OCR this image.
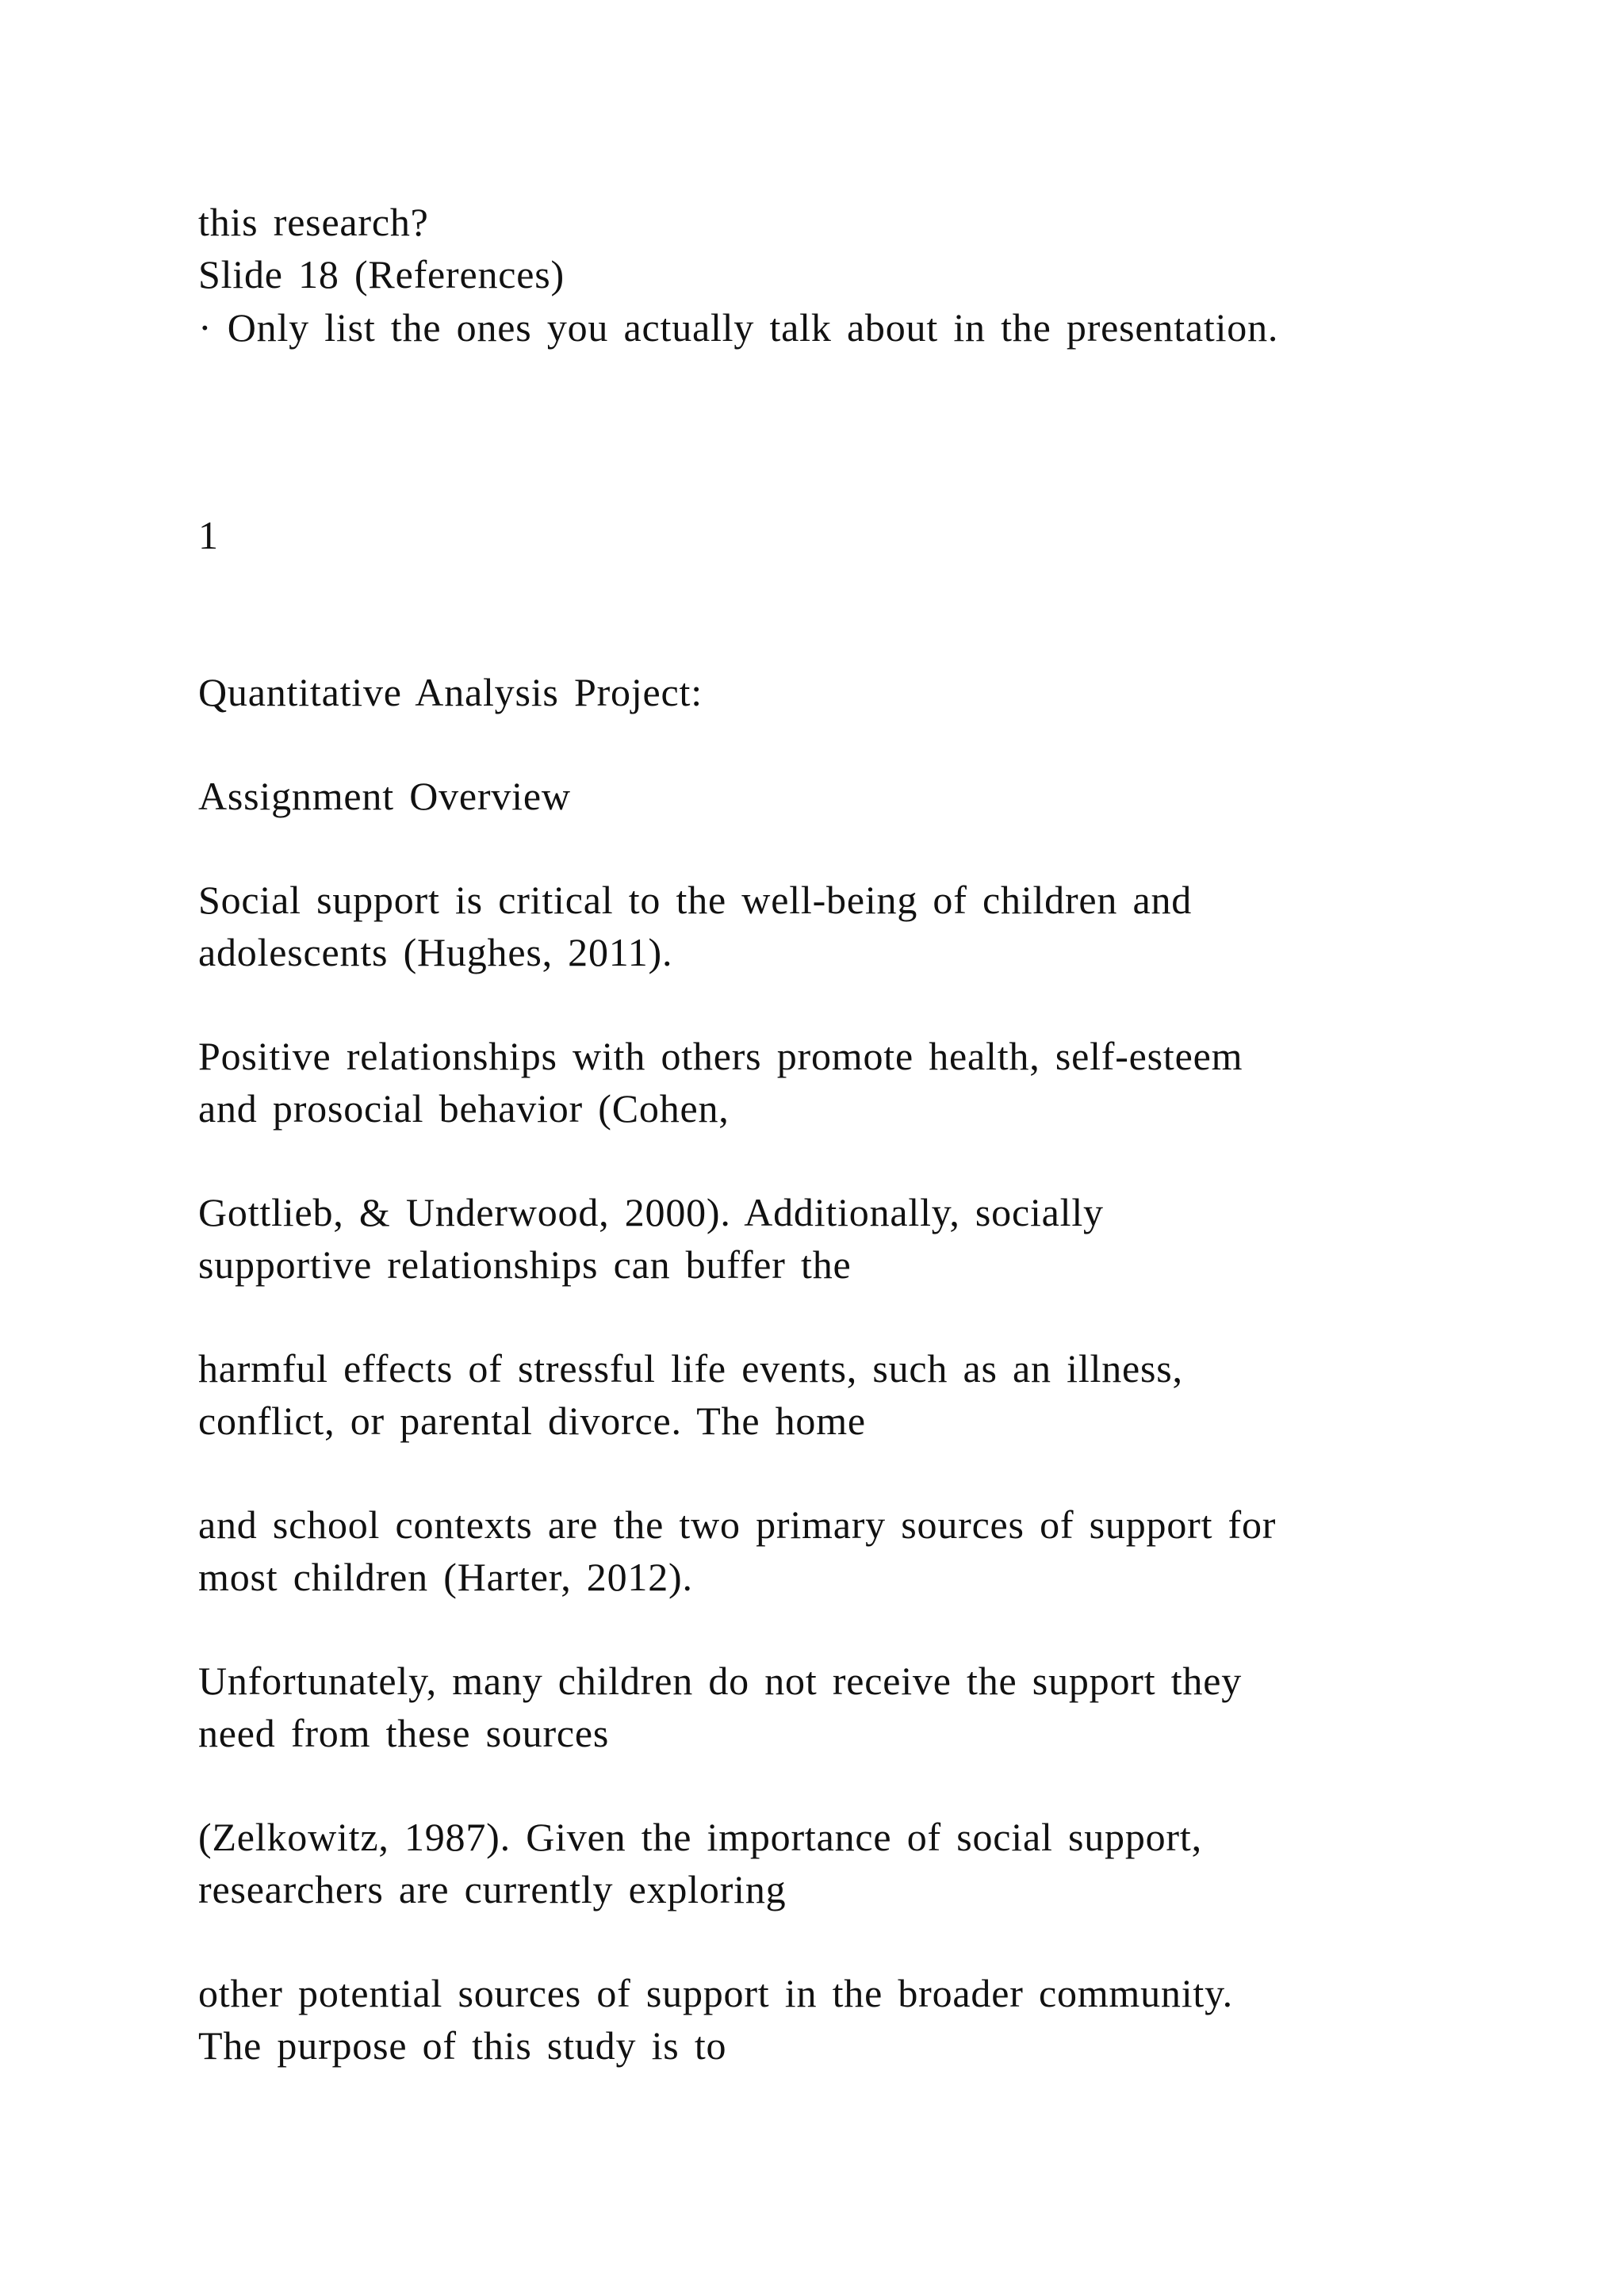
this research?
Slide 18 (References)
· Only list the ones you actually talk about in the presentation.
1
Quantitative Analysis Project:
Assignment Overview
Social support is critical to the well-being of children and
adolescents (Hughes, 2011).
Positive relationships with others promote health, self-esteem
and prosocial behavior (Cohen,
Gottlieb, & Underwood, 2000). Additionally, socially
supportive relationships can buffer the
harmful effects of stressful life events, such as an illness,
conflict, or parental divorce. The home
and school contexts are the two primary sources of support for
most children (Harter, 2012).
Unfortunately, many children do not receive the support they
need from these sources
(Zelkowitz, 1987). Given the importance of social support,
researchers are currently exploring
other potential sources of support in the broader community.
The purpose of this study is to
